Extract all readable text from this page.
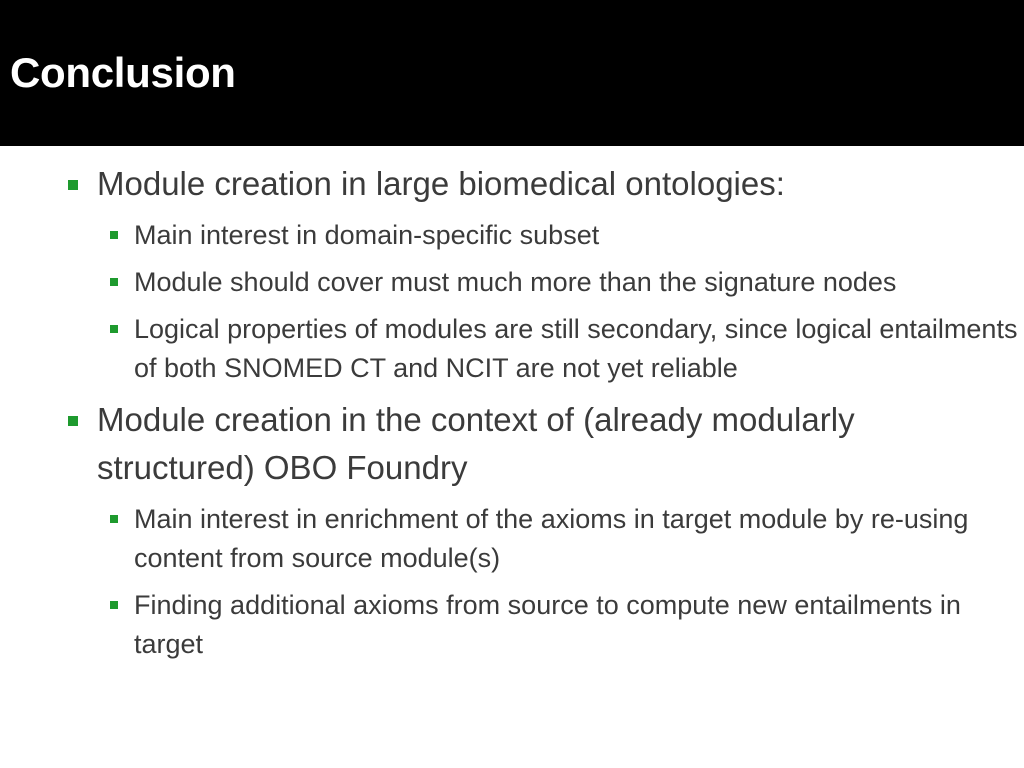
Conclusion
Module creation in large biomedical ontologies:
Main interest in domain-specific subset
Module should cover must much more than the signature nodes
Logical properties of modules are still secondary, since logical entailments of both SNOMED CT and NCIT are not yet reliable
Module creation in the context of (already modularly structured) OBO Foundry
Main interest in enrichment of the axioms in target module by re-using content from source module(s)
Finding additional axioms from source to compute new entailments in target
